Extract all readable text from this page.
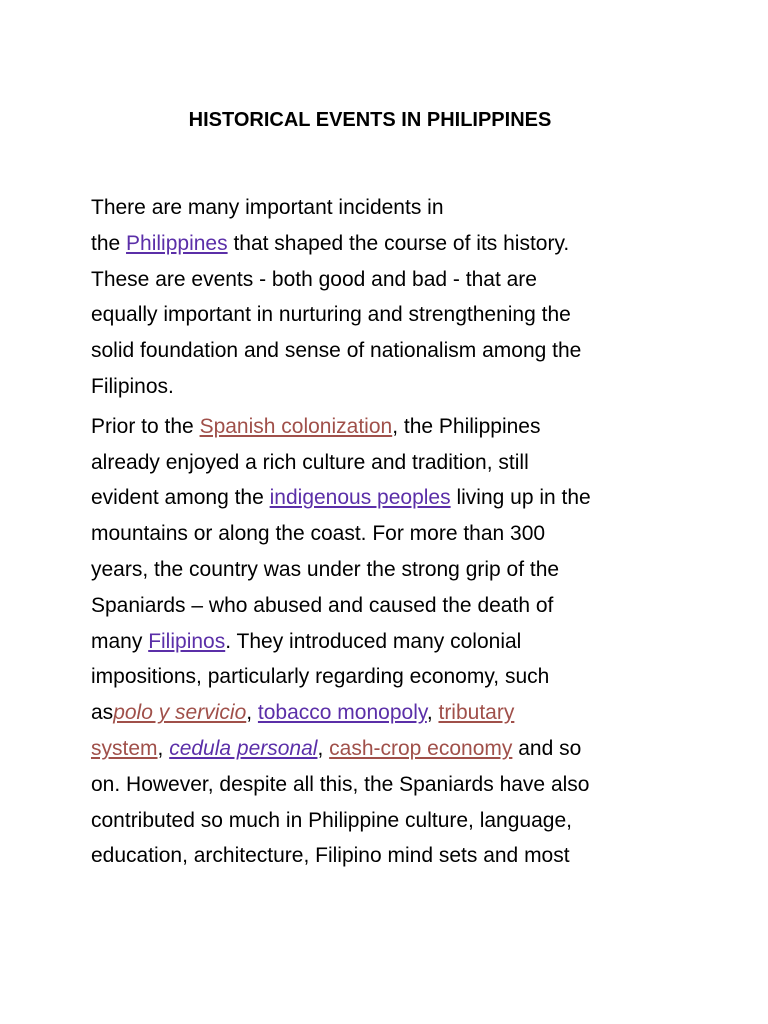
HISTORICAL EVENTS IN PHILIPPINES

There are many important incidents in
the Philippines that shaped the course of its history.
These are events - both good and bad - that are
equally important in nurturing and strengthening the
solid foundation and sense of nationalism among the
Filipinos.

Prior to the Spanish colonization, the Philippines
already enjoyed a rich culture and tradition, still
evident among the indigenous peoples living up in the
mountains or along the coast. For more than 300
years, the country was under the strong grip of the
Spaniards – who abused and caused the death of
many Filipinos. They introduced many colonial
impositions, particularly regarding economy, such
aspolo y servicio, tobacco monopoly, tributary
system, cedula personal, cash-crop economy and so
on. However, despite all this, the Spaniards have also
contributed so much in Philippine culture, language,
education, architecture, Filipino mind sets and most
